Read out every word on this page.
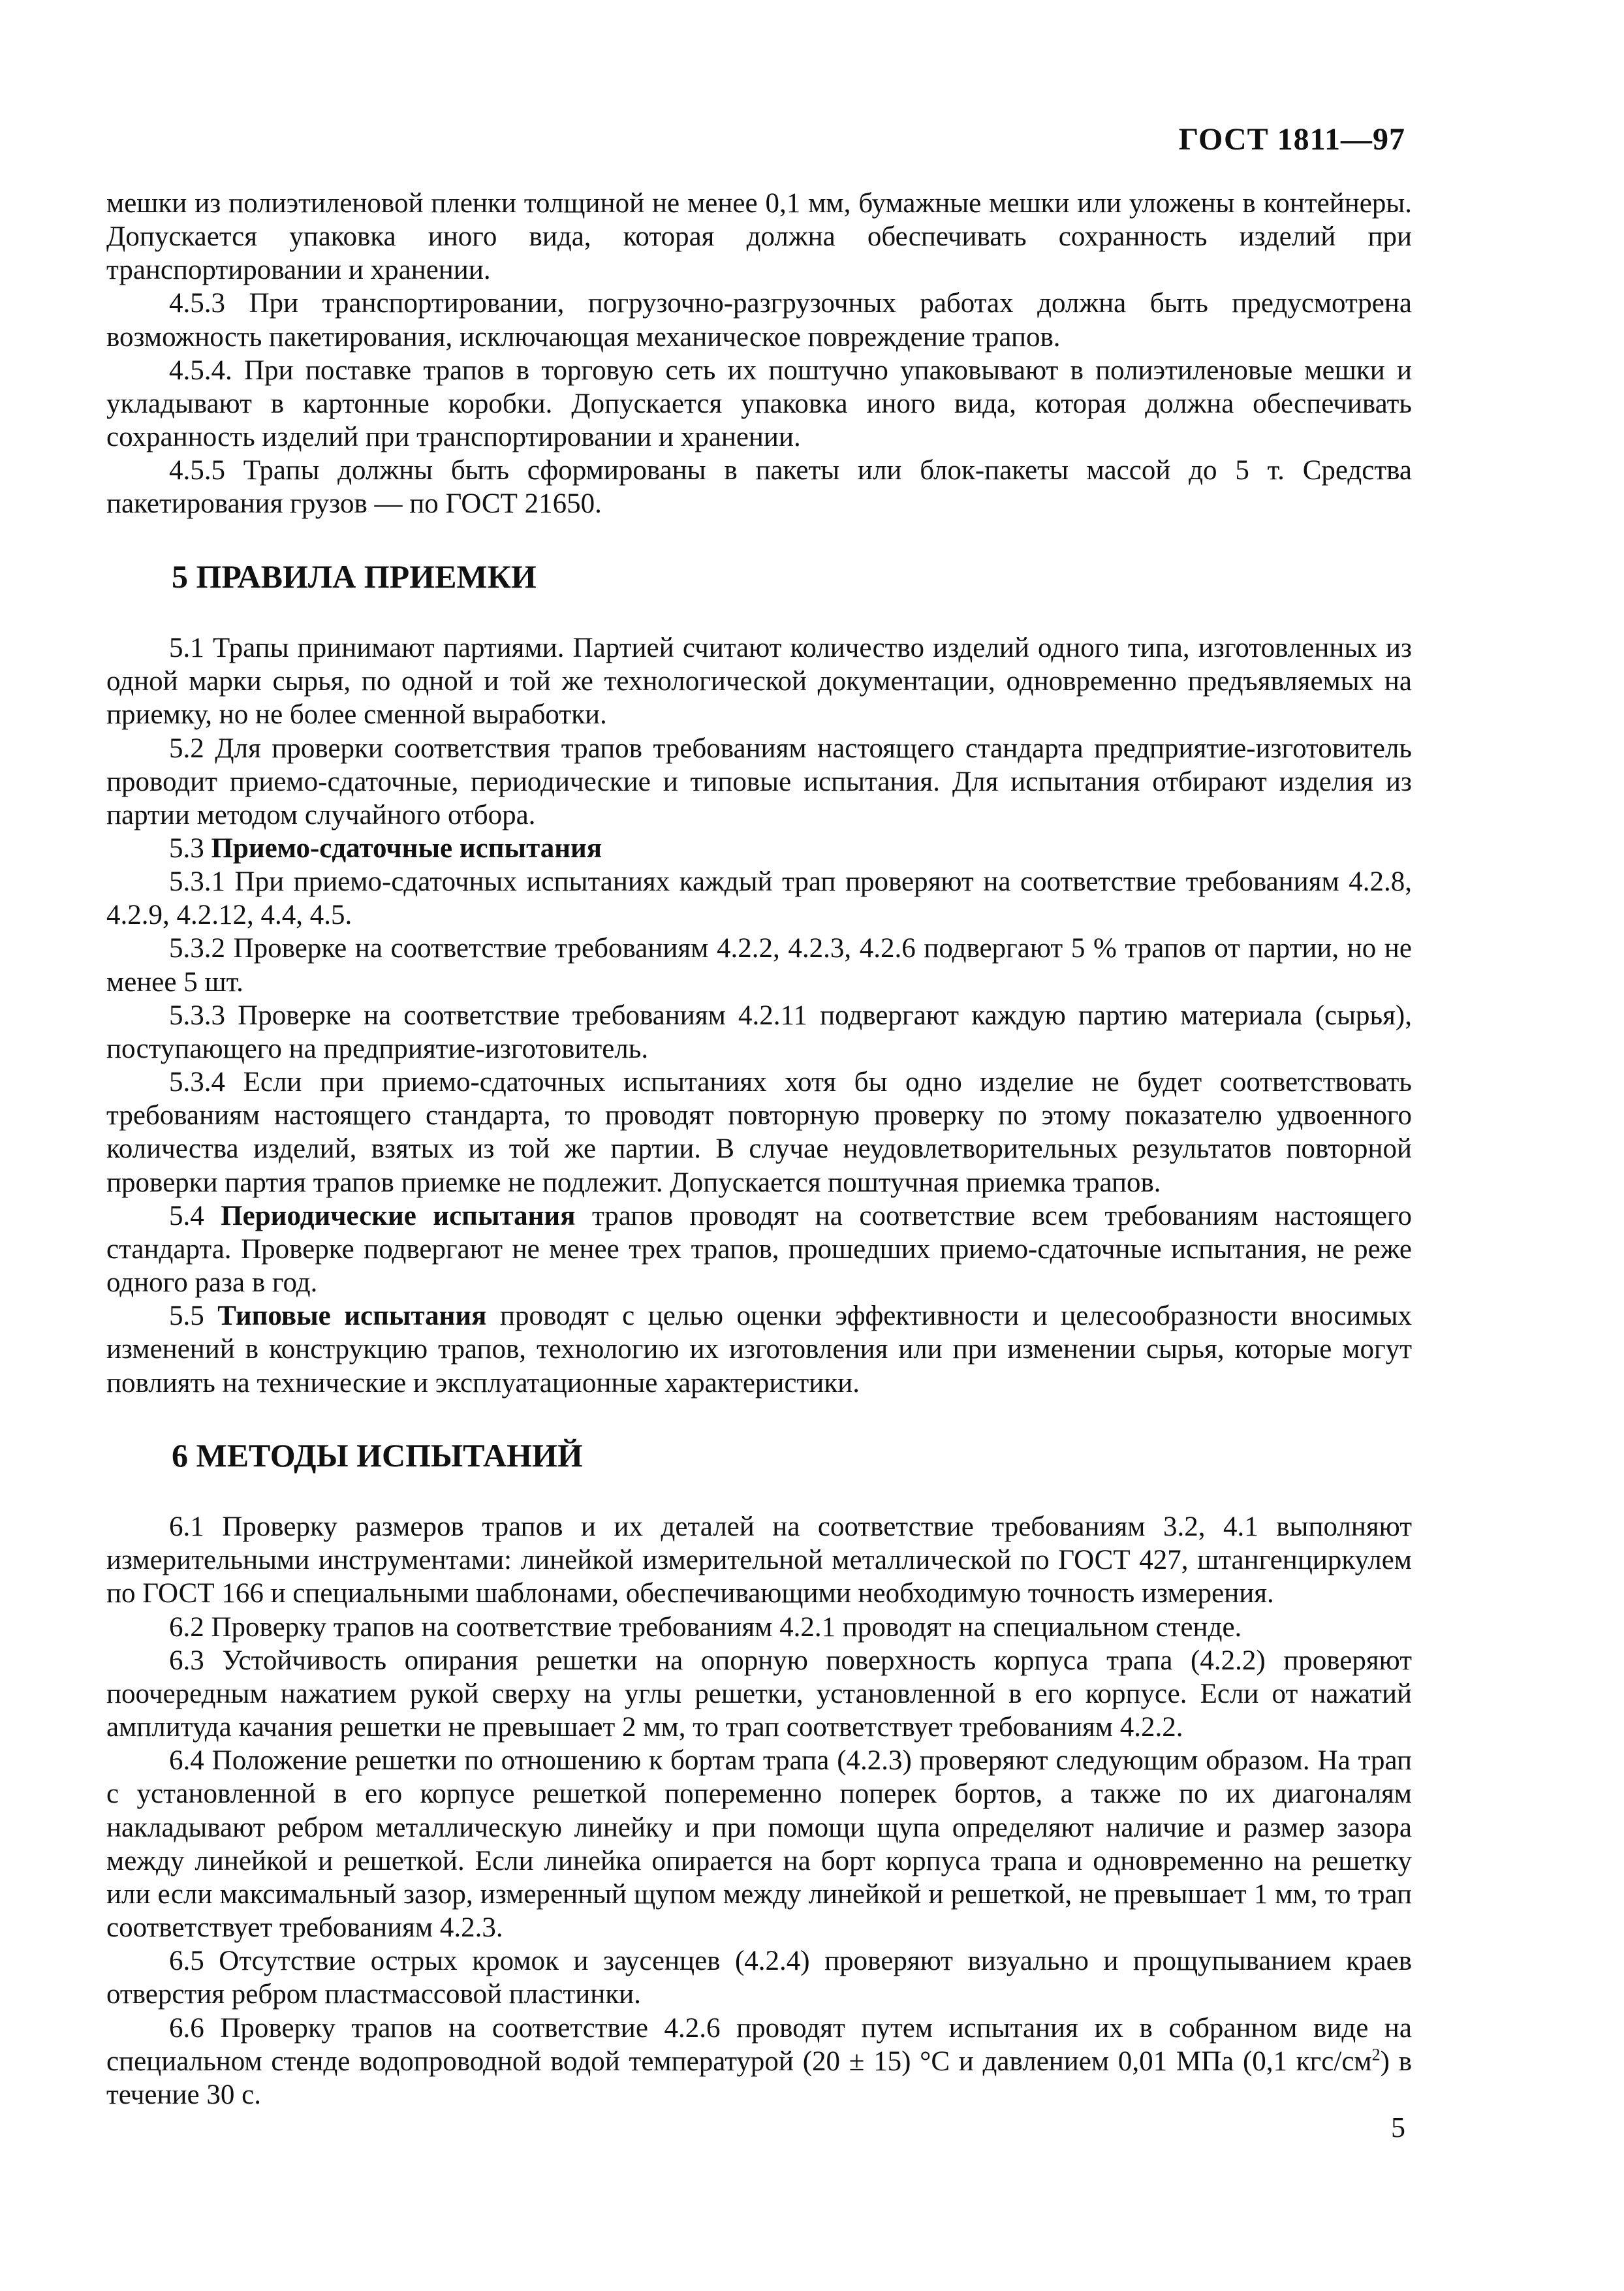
ГОСТ 1811—97

мешки из полиэтиленовой пленки толщиной не менее 0,1 мм, бумажные мешки или уложены в контейнеры. Допускается упаковка иного вида, которая должна обеспечивать сохранность изделий при транспортировании и хранении.

4.5.3 При транспортировании, погрузочно-разгрузочных работах должна быть предусмотрена возможность пакетирования, исключающая механическое повреждение трапов.

4.5.4. При поставке трапов в торговую сеть их поштучно упаковывают в полиэтиленовые мешки и укладывают в картонные коробки. Допускается упаковка иного вида, которая должна обеспечивать сохранность изделий при транспортировании и хранении.

4.5.5 Трапы должны быть сформированы в пакеты или блок-пакеты массой до 5 т. Средства пакетирования грузов — по ГОСТ 21650.

5 ПРАВИЛА ПРИЕМКИ

5.1 Трапы принимают партиями. Партией считают количество изделий одного типа, изготовленных из одной марки сырья, по одной и той же технологической документации, одновременно предъявляемых на приемку, но не более сменной выработки.

5.2 Для проверки соответствия трапов требованиям настоящего стандарта предприятие-изготовитель проводит приемо-сдаточные, периодические и типовые испытания. Для испытания отбирают изделия из партии методом случайного отбора.

5.3 Приемо-сдаточные испытания

5.3.1 При приемо-сдаточных испытаниях каждый трап проверяют на соответствие требованиям 4.2.8, 4.2.9, 4.2.12, 4.4, 4.5.

5.3.2 Проверке на соответствие требованиям 4.2.2, 4.2.3, 4.2.6 подвергают 5 % трапов от партии, но не менее 5 шт.

5.3.3 Проверке на соответствие требованиям 4.2.11 подвергают каждую партию материала (сырья), поступающего на предприятие-изготовитель.

5.3.4 Если при приемо-сдаточных испытаниях хотя бы одно изделие не будет соответствовать требованиям настоящего стандарта, то проводят повторную проверку по этому показателю удвоенного количества изделий, взятых из той же партии. В случае неудовлетворительных результатов повторной проверки партия трапов приемке не подлежит. Допускается поштучная приемка трапов.

5.4 Периодические испытания трапов проводят на соответствие всем требованиям настоящего стандарта. Проверке подвергают не менее трех трапов, прошедших приемо-сдаточные испытания, не реже одного раза в год.

5.5 Типовые испытания проводят с целью оценки эффективности и целесообразности вносимых изменений в конструкцию трапов, технологию их изготовления или при изменении сырья, которые могут повлиять на технические и эксплуатационные характеристики.

6 МЕТОДЫ ИСПЫТАНИЙ

6.1 Проверку размеров трапов и их деталей на соответствие требованиям 3.2, 4.1 выполняют измерительными инструментами: линейкой измерительной металлической по ГОСТ 427, штангенциркулем по ГОСТ 166 и специальными шаблонами, обеспечивающими необходимую точность измерения.

6.2 Проверку трапов на соответствие требованиям 4.2.1 проводят на специальном стенде.

6.3 Устойчивость опирания решетки на опорную поверхность корпуса трапа (4.2.2) проверяют поочередным нажатием рукой сверху на углы решетки, установленной в его корпусе. Если от нажатий амплитуда качания решетки не превышает 2 мм, то трап соответствует требованиям 4.2.2.

6.4 Положение решетки по отношению к бортам трапа (4.2.3) проверяют следующим образом. На трап с установленной в его корпусе решеткой попеременно поперек бортов, а также по их диагоналям накладывают ребром металлическую линейку и при помощи щупа определяют наличие и размер зазора между линейкой и решеткой. Если линейка опирается на борт корпуса трапа и одновременно на решетку или если максимальный зазор, измеренный щупом между линейкой и решеткой, не превышает 1 мм, то трап соответствует требованиям 4.2.3.

6.5 Отсутствие острых кромок и заусенцев (4.2.4) проверяют визуально и прощупыванием краев отверстия ребром пластмассовой пластинки.

6.6 Проверку трапов на соответствие 4.2.6 проводят путем испытания их в собранном виде на специальном стенде водопроводной водой температурой (20 ± 15) °С и давлением 0,01 МПа (0,1 кгс/$см^2$) в течение 30 с.

5
